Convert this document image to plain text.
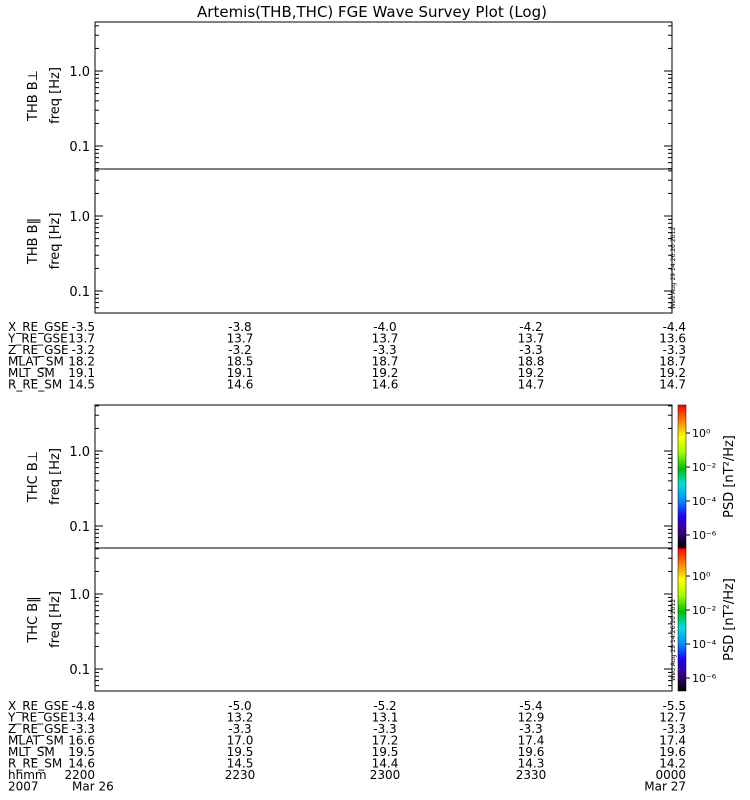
Artemis(THB,THC) FGE Wave Survey Plot (Log)
1.0
0.1
freq [Hz]
THB B⊥
1.0
0.1
freq [Hz]
THB B‖
1.0
0.1
freq [Hz]
THC B⊥
1.0
0.1
freq [Hz]
THC B‖
Wed Aug 29 14:26:20 2012
Wed Aug 29 14:26:20 2012
10⁰
10⁻²
10⁻⁴
10⁻⁶
PSD [nT²/Hz]
10⁰
10⁻²
10⁻⁴
10⁻⁶
PSD [nT²/Hz]
X_RE_GSE -3.5	-3.8	-4.0	-4.2	-4.4
Y_RE_GSE 13.7	13.7	13.7	13.7	13.6
Z_RE_GSE -3.2	-3.2	-3.3	-3.3	-3.3
MLAT_SM 18.2	18.5	18.7	18.8	18.7
MLT_SM 19.1	19.1	19.2	19.2	19.2
R_RE_SM 14.5	14.6	14.6	14.7	14.7
X_RE_GSE -4.8	-5.0	-5.2	-5.4	-5.5
Y_RE_GSE 13.4	13.2	13.1	12.9	12.7
Z_RE_GSE -3.3	-3.3	-3.3	-3.3	-3.3
MLAT_SM 16.6	17.0	17.2	17.4	17.4
MLT_SM 19.5	19.5	19.5	19.6	19.6
R_RE_SM 14.6	14.5	14.4	14.3	14.2
hhmm 2200	2230	2300	2330	0000
2007	Mar 26	Mar 27
